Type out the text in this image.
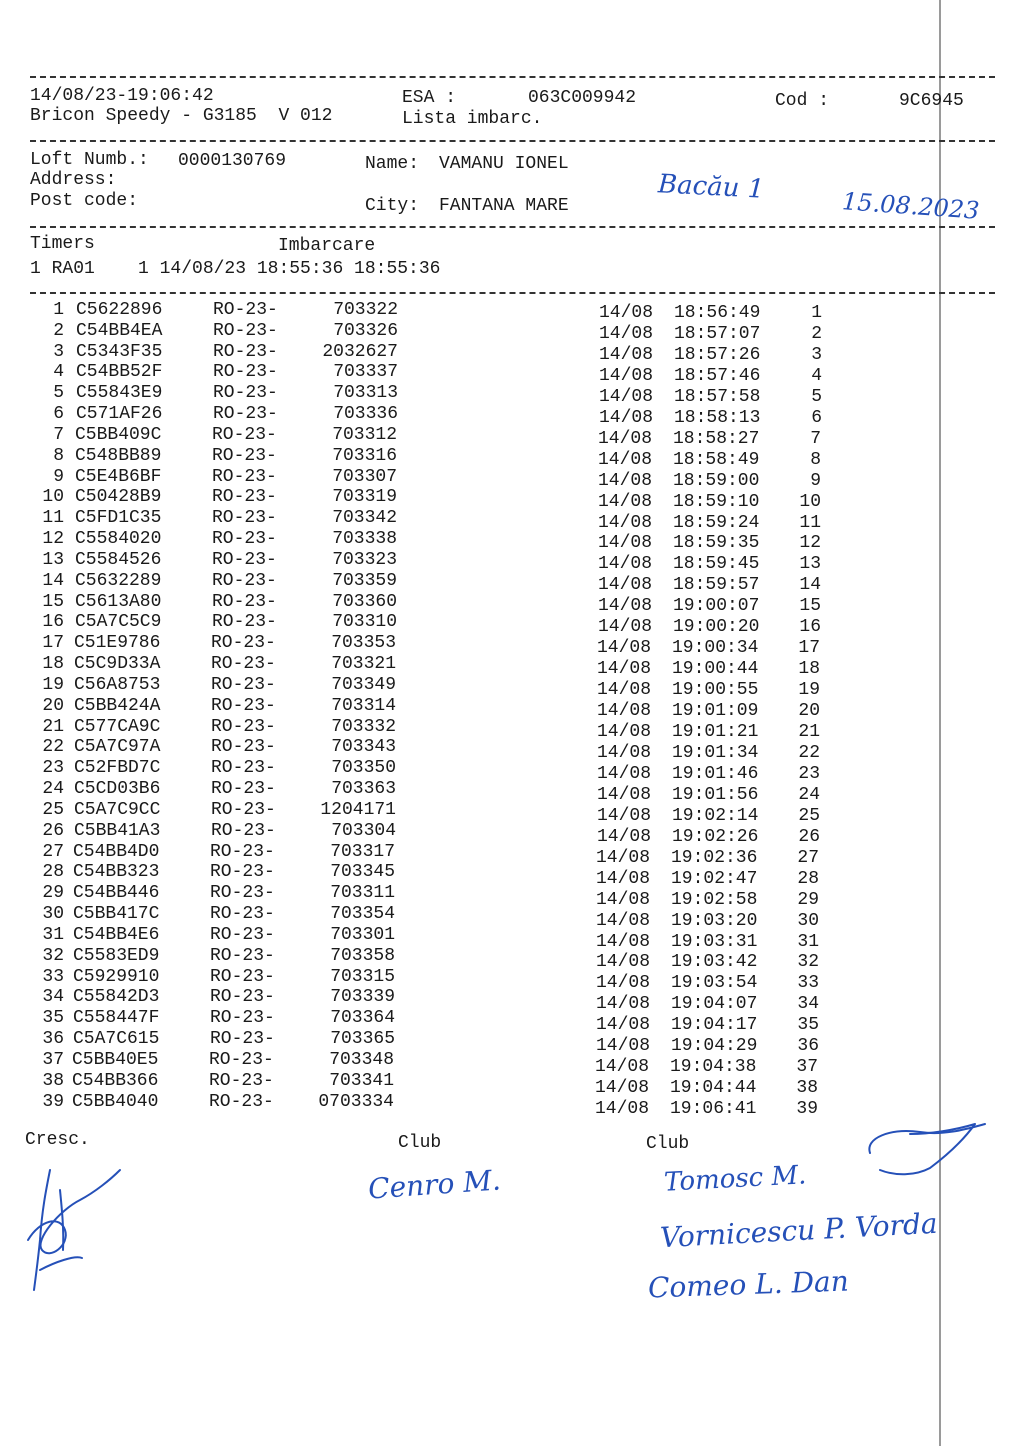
14/08/23-19:06:42	ESA :	063C009942	Cod :	9C6945
Bricon Speedy - G3185  V 012	Lista imbarc.
Loft Numb.: 0000130769	Name: VAMANU IONEL
Address:
Post code:	City: FANTANA MARE
Bacău 1
15.08.2023
Timers	Imbarcare
1 RA01    1 14/08/23 18:55:36 18:55:36
1 C5622896	RO-23-	703322	14/08 18:56:49	1
2 C54BB4EA	RO-23-	703326	14/08 18:57:07	2
3 C5343F35	RO-23-	2032627	14/08 18:57:26	3
4 C54BB52F	RO-23-	703337	14/08 18:57:46	4
5 C55843E9	RO-23-	703313	14/08 18:57:58	5
6 C571AF26	RO-23-	703336	14/08 18:58:13	6
7 C5BB409C	RO-23-	703312	14/08 18:58:27	7
8 C548BB89	RO-23-	703316	14/08 18:58:49	8
9 C5E4B6BF	RO-23-	703307	14/08 18:59:00	9
10 C50428B9	RO-23-	703319	14/08 18:59:10	10
11 C5FD1C35	RO-23-	703342	14/08 18:59:24	11
12 C5584020	RO-23-	703338	14/08 18:59:35	12
13 C5584526	RO-23-	703323	14/08 18:59:45	13
14 C5632289	RO-23-	703359	14/08 18:59:57	14
15 C5613A80	RO-23-	703360	14/08 19:00:07	15
16 C5A7C5C9	RO-23-	703310	14/08 19:00:20	16
17 C51E9786	RO-23-	703353	14/08 19:00:34	17
18 C5C9D33A	RO-23-	703321	14/08 19:00:44	18
19 C56A8753	RO-23-	703349	14/08 19:00:55	19
20 C5BB424A	RO-23-	703314	14/08 19:01:09	20
21 C577CA9C	RO-23-	703332	14/08 19:01:21	21
22 C5A7C97A	RO-23-	703343	14/08 19:01:34	22
23 C52FBD7C	RO-23-	703350	14/08 19:01:46	23
24 C5CD03B6	RO-23-	703363	14/08 19:01:56	24
25 C5A7C9CC	RO-23-	1204171	14/08 19:02:14	25
26 C5BB41A3	RO-23-	703304	14/08 19:02:26	26
27 C54BB4D0	RO-23-	703317	14/08 19:02:36	27
28 C54BB323	RO-23-	703345	14/08 19:02:47	28
29 C54BB446	RO-23-	703311	14/08 19:02:58	29
30 C5BB417C	RO-23-	703354	14/08 19:03:20	30
31 C54BB4E6	RO-23-	703301	14/08 19:03:31	31
32 C5583ED9	RO-23-	703358	14/08 19:03:42	32
33 C5929910	RO-23-	703315	14/08 19:03:54	33
34 C55842D3	RO-23-	703339	14/08 19:04:07	34
35 C558447F	RO-23-	703364	14/08 19:04:17	35
36 C5A7C615	RO-23-	703365	14/08 19:04:29	36
37 C5BB40E5	RO-23-	703348	14/08 19:04:38	37
38 C54BB366	RO-23-	703341	14/08 19:04:44	38
39 C5BB4040	RO-23-	0703334	14/08 19:06:41	39
Cresc.	Club	Club
Cenro M.	Tomosc M.
Vornicescu P. Vorda
Comeo L. Dan
